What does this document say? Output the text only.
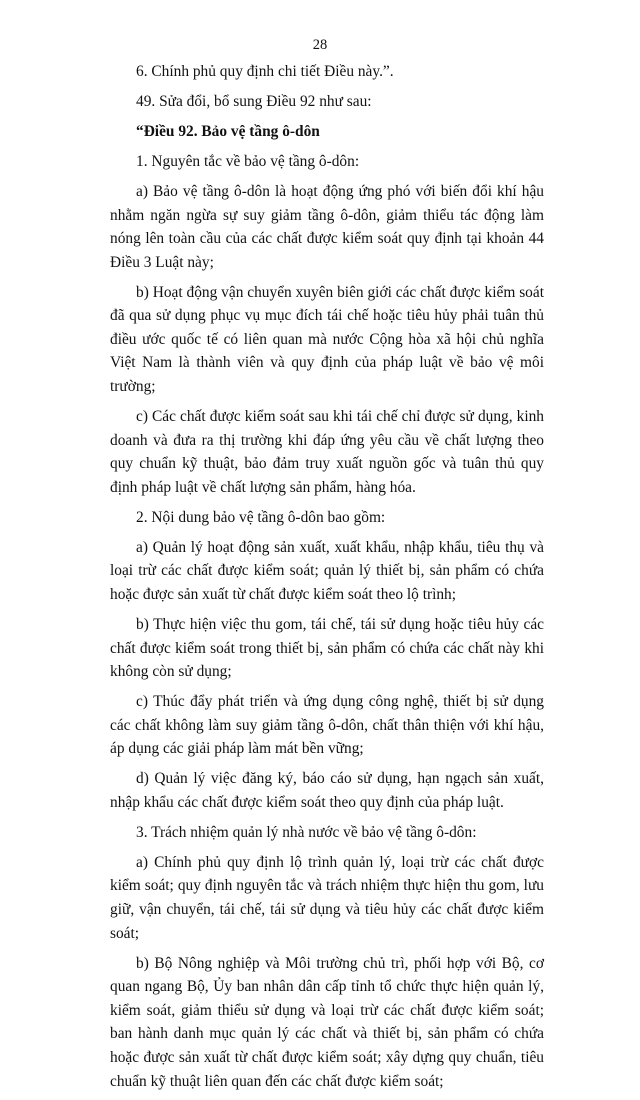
28

6. Chính phủ quy định chi tiết Điều này.”.

49. Sửa đổi, bổ sung Điều 92 như sau:

“Điều 92. Bảo vệ tầng ô-dôn

1. Nguyên tắc về bảo vệ tầng ô-dôn:

a) Bảo vệ tầng ô-dôn là hoạt động ứng phó với biến đổi khí hậu nhằm ngăn ngừa sự suy giảm tầng ô-dôn, giảm thiểu tác động làm nóng lên toàn cầu của các chất được kiểm soát quy định tại khoản 44 Điều 3 Luật này;

b) Hoạt động vận chuyển xuyên biên giới các chất được kiểm soát đã qua sử dụng phục vụ mục đích tái chế hoặc tiêu hủy phải tuân thủ điều ước quốc tế có liên quan mà nước Cộng hòa xã hội chủ nghĩa Việt Nam là thành viên và quy định của pháp luật về bảo vệ môi trường;

c) Các chất được kiểm soát sau khi tái chế chỉ được sử dụng, kinh doanh và đưa ra thị trường khi đáp ứng yêu cầu về chất lượng theo quy chuẩn kỹ thuật, bảo đảm truy xuất nguồn gốc và tuân thủ quy định pháp luật về chất lượng sản phẩm, hàng hóa.

2. Nội dung bảo vệ tầng ô-dôn bao gồm:

a) Quản lý hoạt động sản xuất, xuất khẩu, nhập khẩu, tiêu thụ và loại trừ các chất được kiểm soát; quản lý thiết bị, sản phẩm có chứa hoặc được sản xuất từ chất được kiểm soát theo lộ trình;

b) Thực hiện việc thu gom, tái chế, tái sử dụng hoặc tiêu hủy các chất được kiểm soát trong thiết bị, sản phẩm có chứa các chất này khi không còn sử dụng;

c) Thúc đẩy phát triển và ứng dụng công nghệ, thiết bị sử dụng các chất không làm suy giảm tầng ô-dôn, chất thân thiện với khí hậu, áp dụng các giải pháp làm mát bền vững;

d) Quản lý việc đăng ký, báo cáo sử dụng, hạn ngạch sản xuất, nhập khẩu các chất được kiểm soát theo quy định của pháp luật.

3. Trách nhiệm quản lý nhà nước về bảo vệ tầng ô-dôn:

a) Chính phủ quy định lộ trình quản lý, loại trừ các chất được kiểm soát; quy định nguyên tắc và trách nhiệm thực hiện thu gom, lưu giữ, vận chuyển, tái chế, tái sử dụng và tiêu hủy các chất được kiểm soát;

b) Bộ Nông nghiệp và Môi trường chủ trì, phối hợp với Bộ, cơ quan ngang Bộ, Ủy ban nhân dân cấp tỉnh tổ chức thực hiện quản lý, kiểm soát, giảm thiểu sử dụng và loại trừ các chất được kiểm soát; ban hành danh mục quản lý các chất và thiết bị, sản phẩm có chứa hoặc được sản xuất từ chất được kiểm soát; xây dựng quy chuẩn, tiêu chuẩn kỹ thuật liên quan đến các chất được kiểm soát;
